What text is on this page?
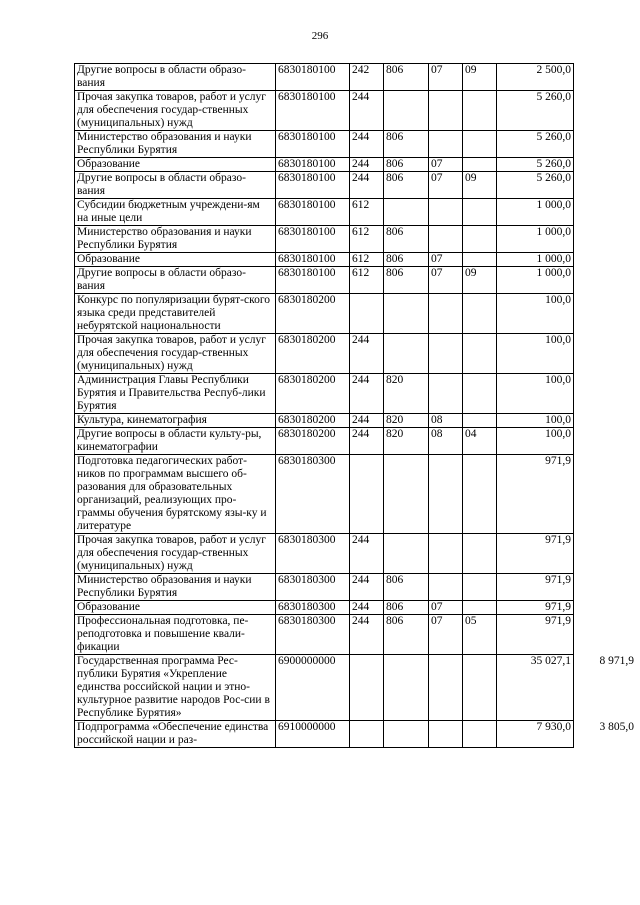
296
Другие вопросы в области образо-вания	6830180100	242	806	07	09	2 500,0	
Прочая закупка товаров, работ и услуг для обеспечения государ-ственных (муниципальных) нужд	6830180100	244				5 260,0	
Министерство образования и науки Республики Бурятия	6830180100	244	806			5 260,0	
Образование	6830180100	244	806	07		5 260,0	
Другие вопросы в области образо-вания	6830180100	244	806	07	09	5 260,0	
Субсидии бюджетным учреждени-ям на иные цели	6830180100	612				1 000,0	
Министерство образования и науки Республики Бурятия	6830180100	612	806			1 000,0	
Образование	6830180100	612	806	07		1 000,0	
Другие вопросы в области образо-вания	6830180100	612	806	07	09	1 000,0	
Конкурс по популяризации бурят-ского языка среди представителей небурятской национальности	6830180200					100,0	
Прочая закупка товаров, работ и услуг для обеспечения государ-ственных (муниципальных) нужд	6830180200	244				100,0	
Администрация Главы Республики Бурятия и Правительства Респуб-лики Бурятия	6830180200	244	820			100,0	
Культура, кинематография	6830180200	244	820	08		100,0	
Другие вопросы в области культу-ры, кинематографии	6830180200	244	820	08	04	100,0	
Подготовка педагогических работ-ников по программам высшего об-разования для образовательных организаций, реализующих про-граммы обучения бурятскому язы-ку и литературе	6830180300					971,9	
Прочая закупка товаров, работ и услуг для обеспечения государ-ственных (муниципальных) нужд	6830180300	244				971,9	
Министерство образования и науки Республики Бурятия	6830180300	244	806			971,9	
Образование	6830180300	244	806	07		971,9	
Профессиональная подготовка, пе-реподготовка и повышение квали-фикации	6830180300	244	806	07	05	971,9	
Государственная программа Рес-публики Бурятия «Укрепление единства российской нации и этно-культурное развитие народов Рос-сии в Республике Бурятия»	6900000000					35 027,1	8 971,9
Подпрограмма «Обеспечение единства российской нации и раз-	6910000000					7 930,0	3 805,0
